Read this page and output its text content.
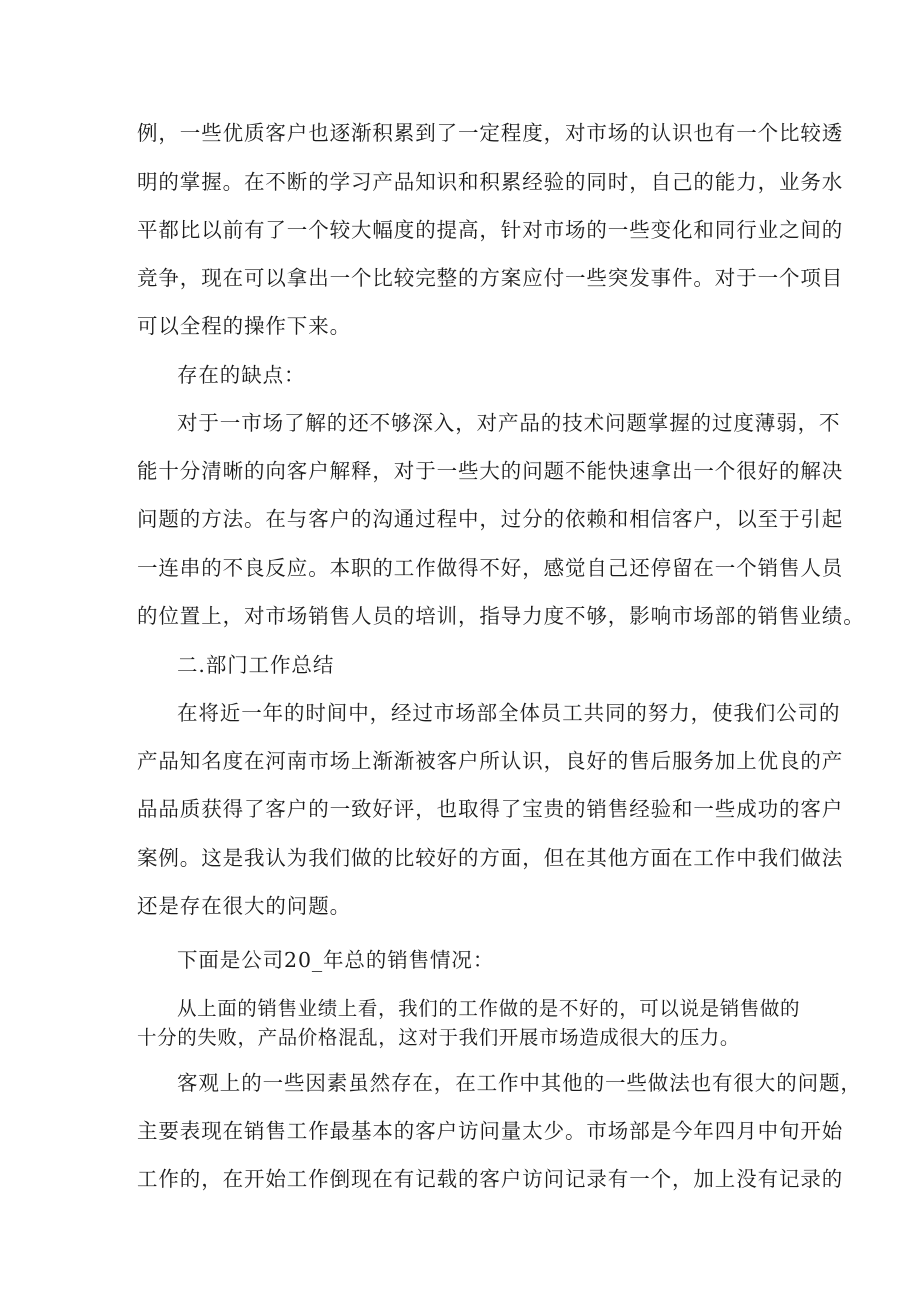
例，一些优质客户也逐渐积累到了一定程度，对市场的认识也有一个比较透
明的掌握。在不断的学习产品知识和积累经验的同时，自己的能力，业务水
平都比以前有了一个较大幅度的提高，针对市场的一些变化和同行业之间的
竞争，现在可以拿出一个比较完整的方案应付一些突发事件。对于一个项目
可以全程的操作下来。
存在的缺点：
对于一市场了解的还不够深入，对产品的技术问题掌握的过度薄弱，不
能十分清晰的向客户解释，对于一些大的问题不能快速拿出一个很好的解决
问题的方法。在与客户的沟通过程中，过分的依赖和相信客户，以至于引起
一连串的不良反应。本职的工作做得不好，感觉自己还停留在一个销售人员
的位置上，对市场销售人员的培训，指导力度不够，影响市场部的销售业绩。
二.部门工作总结
在将近一年的时间中，经过市场部全体员工共同的努力，使我们公司的
产品知名度在河南市场上渐渐被客户所认识，良好的售后服务加上优良的产
品品质获得了客户的一致好评，也取得了宝贵的销售经验和一些成功的客户
案例。这是我认为我们做的比较好的方面，但在其他方面在工作中我们做法
还是存在很大的问题。
下面是公司20_年总的销售情况：
从上面的销售业绩上看，我们的工作做的是不好的，可以说是销售做的
十分的失败，产品价格混乱，这对于我们开展市场造成很大的压力。
客观上的一些因素虽然存在，在工作中其他的一些做法也有很大的问题，
主要表现在销售工作最基本的客户访问量太少。市场部是今年四月中旬开始
工作的，在开始工作倒现在有记载的客户访问记录有一个，加上没有记录的
